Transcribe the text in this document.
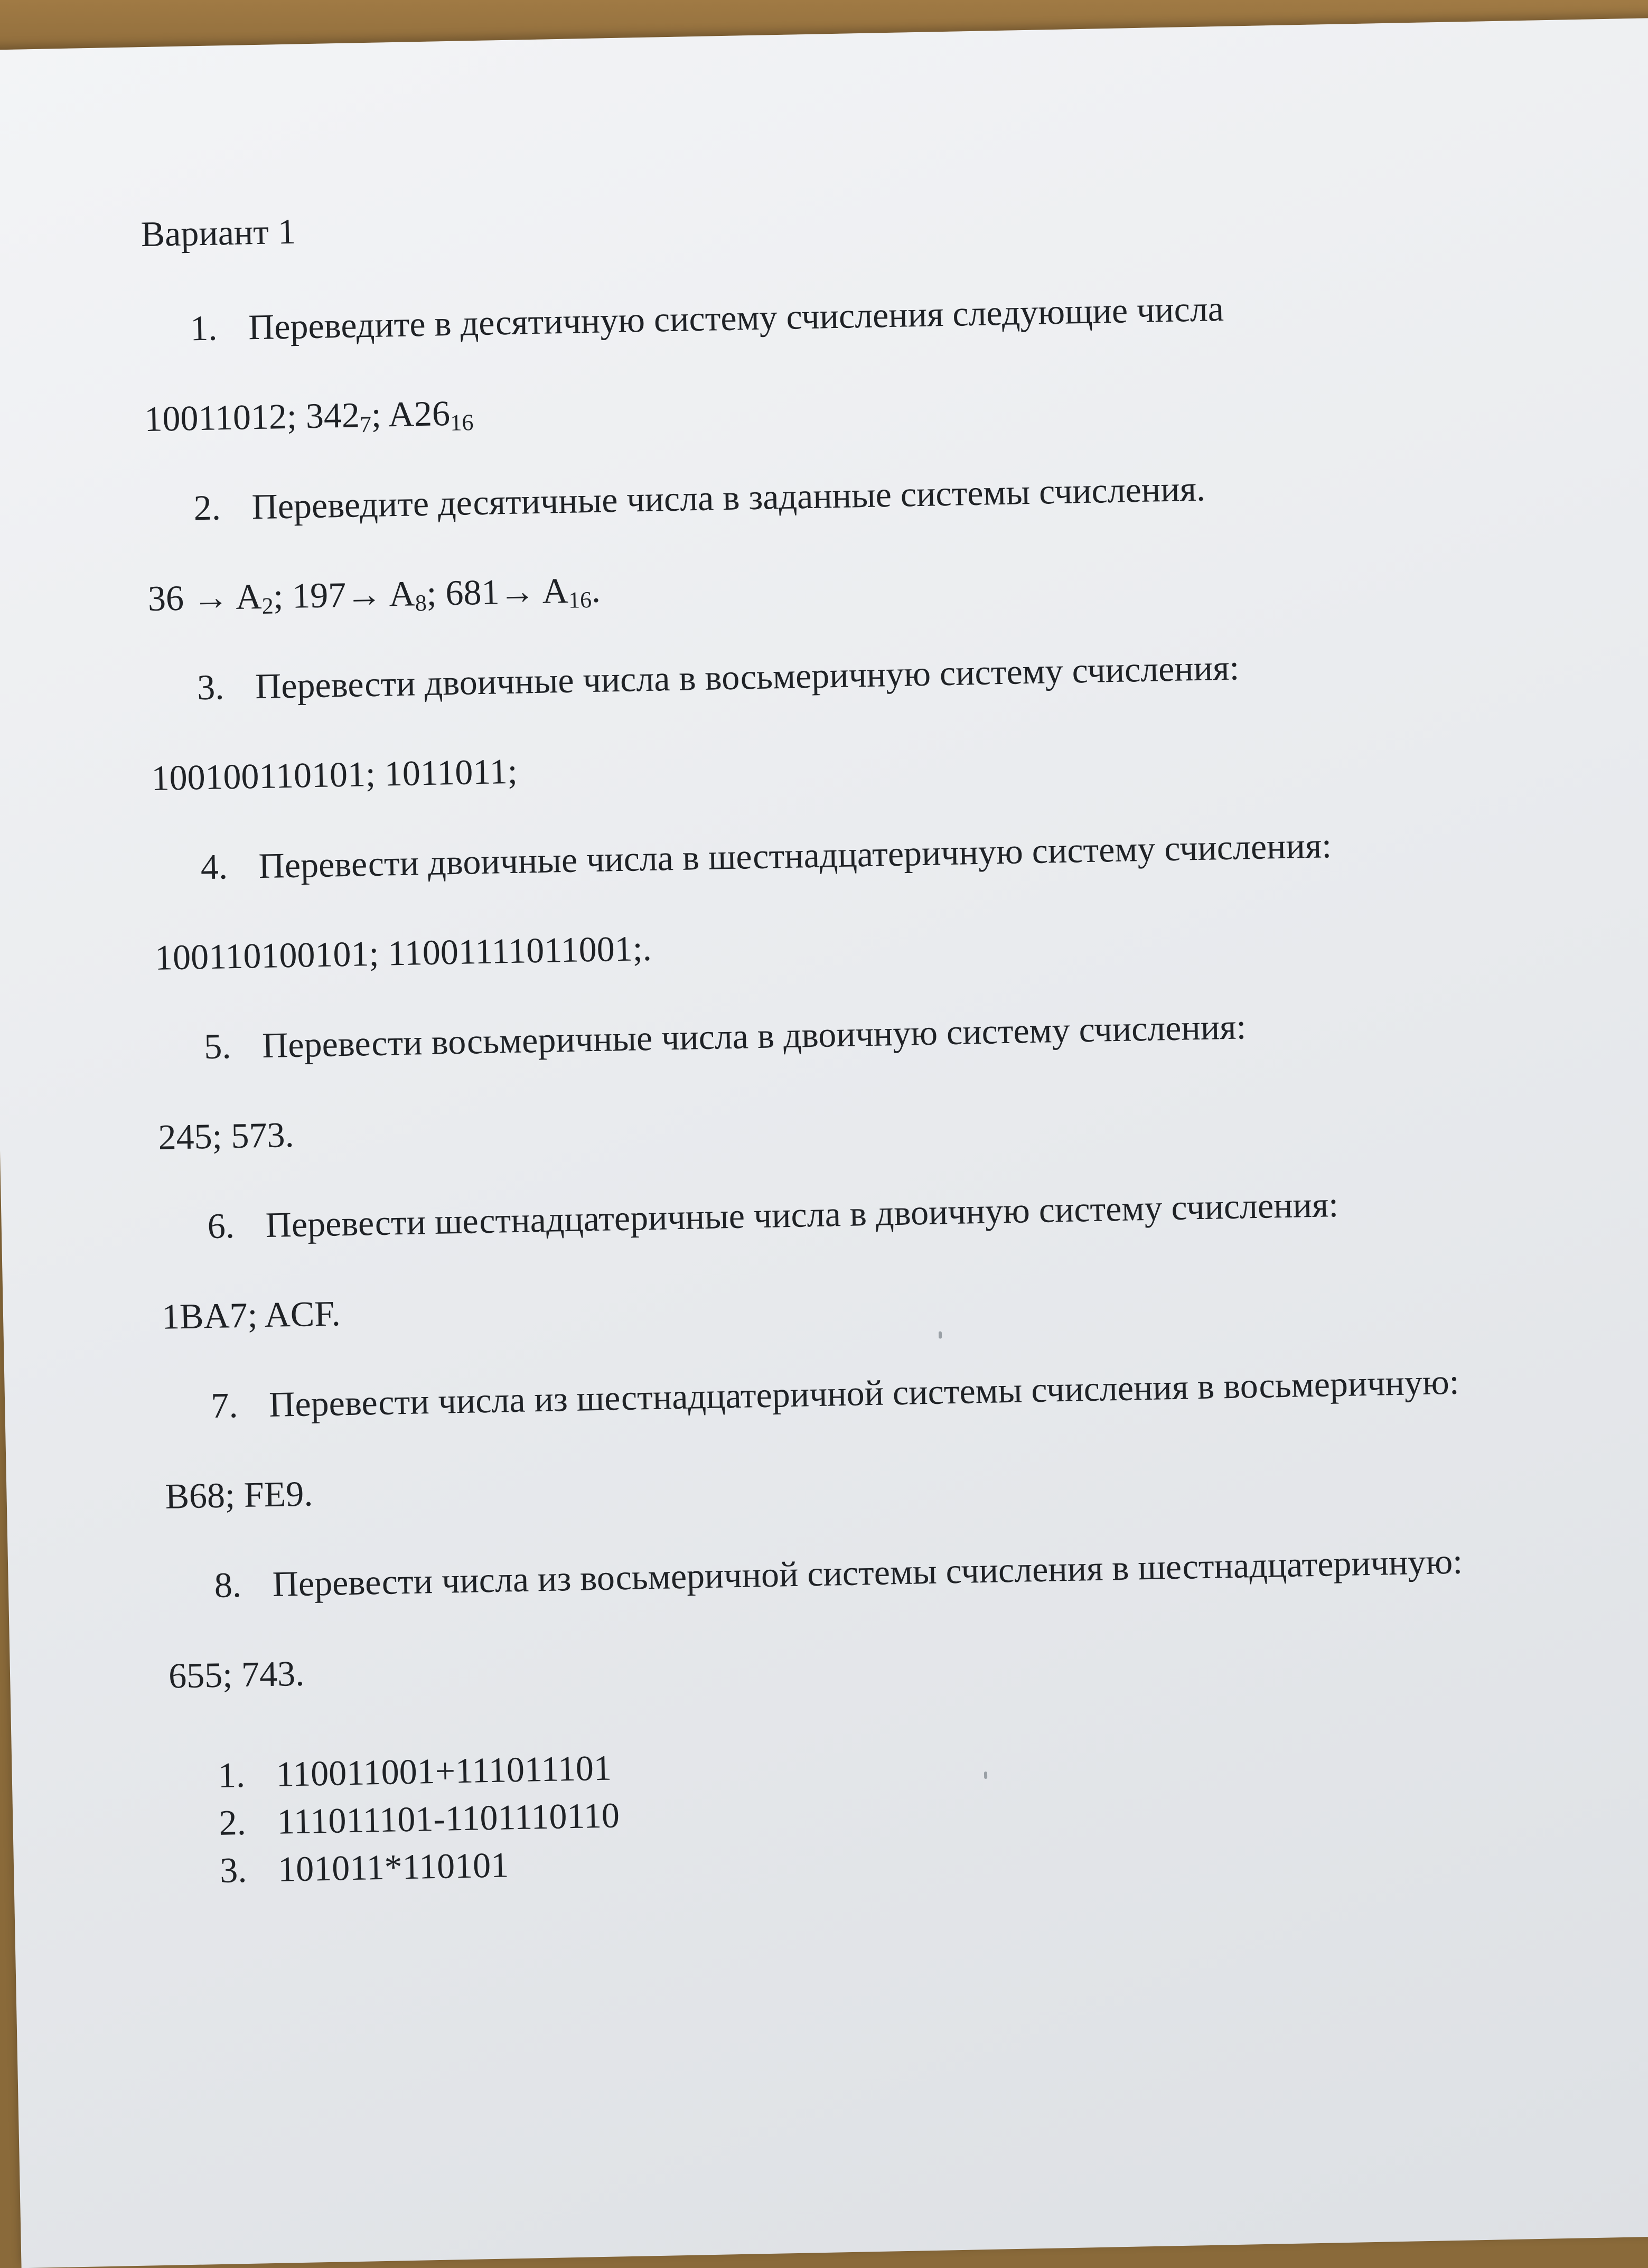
Вариант 1
1. Переведите в десятичную систему счисления следующие числа
10011012; $342_7$; $A26_{16}$
2. Переведите десятичные числа в заданные системы счисления.
$36 \to A_2$; $197\to A_8$; $681\to A_{16}$.
3. Перевести двоичные числа в восьмеричную систему счисления:
100100110101; 1011011;
4. Перевести двоичные числа в шестнадцатеричную систему счисления:
100110100101; 11001111011001;.
5. Перевести восьмеричные числа в двоичную систему счисления:
245; 573.
6. Перевести шестнадцатеричные числа в двоичную систему счисления:
1BA7; ACF.
7. Перевести числа из шестнадцатеричной системы счисления в восьмеричную:
B68; FE9.
8. Перевести числа из восьмеричной системы счисления в шестнадцатеричную:
655; 743.
1. 110011001+111011101
2. 111011101-1101110110
3. 101011*110101
